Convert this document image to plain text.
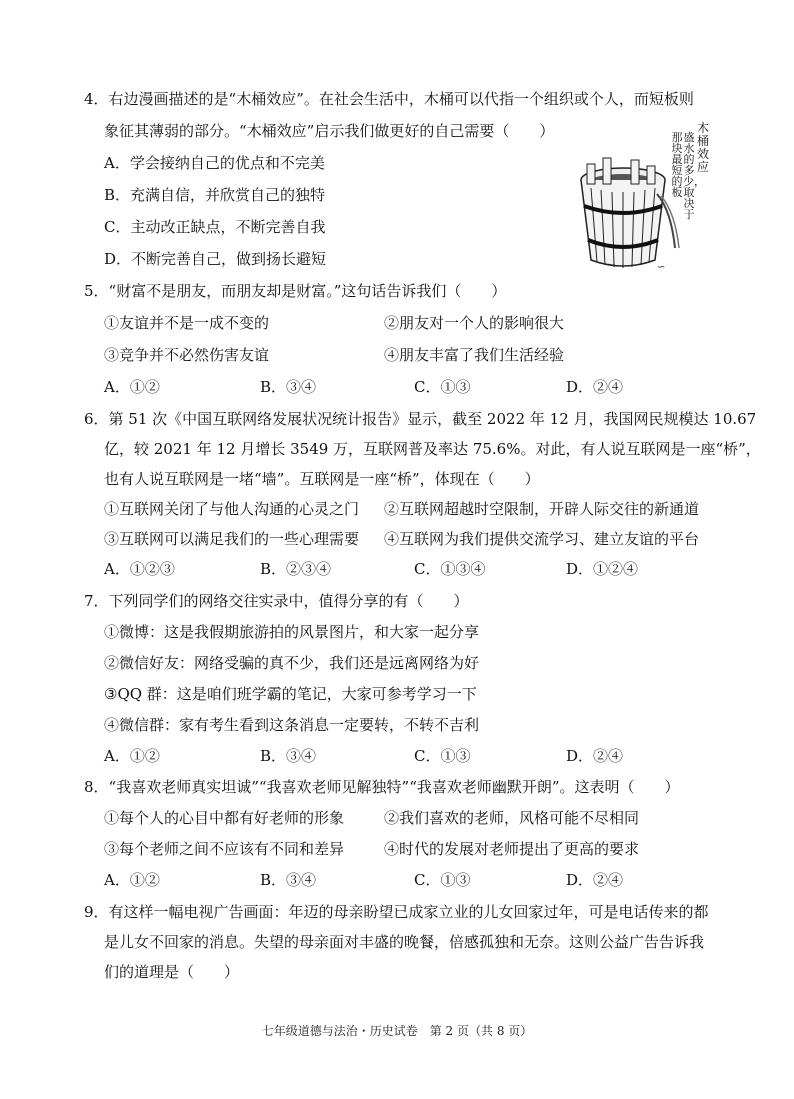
4．右边漫画描述的是“木桶效应”。在社会生活中，木桶可以代指一个组织或个人，而短板则
象征其薄弱的部分。“木桶效应”启示我们做更好的自己需要（　　）
A．学会接纳自己的优点和不完美
B．充满自信，并欣赏自己的独特
C．主动改正缺点，不断完善自我
D．不断完善自己，做到扬长避短
木桶效应
盛水的多少，取决于
那块最短的板
∽
5．“财富不是朋友，而朋友却是财富。”这句话告诉我们（　　）
①友谊并不是一成不变的	②朋友对一个人的影响很大
③竞争并不必然伤害友谊	④朋友丰富了我们生活经验
A．①②	B．③④	C．①③	D．②④
6．第 51 次《中国互联网络发展状况统计报告》显示，截至 2022 年 12 月，我国网民规模达 10.67
亿，较 2021 年 12 月增长 3549 万，互联网普及率达 75.6%。对此，有人说互联网是一座“桥”，
也有人说互联网是一堵“墙”。互联网是一座“桥”，体现在（　　）
①互联网关闭了与他人沟通的心灵之门 ②互联网超越时空限制，开辟人际交往的新通道
③互联网可以满足我们的一些心理需要 ④互联网为我们提供交流学习、建立友谊的平台
A．①②③	B．②③④	C．①③④	D．①②④
7．下列同学们的网络交往实录中，值得分享的有（　　）
①微博：这是我假期旅游拍的风景图片，和大家一起分享
②微信好友：网络受骗的真不少，我们还是远离网络为好
③QQ 群：这是咱们班学霸的笔记，大家可参考学习一下
④微信群：家有考生看到这条消息一定要转，不转不吉利
A．①②	B．③④	C．①③	D．②④
8．“我喜欢老师真实坦诚”“我喜欢老师见解独特”“我喜欢老师幽默开朗”。这表明（　　）
①每个人的心目中都有好老师的形象	②我们喜欢的老师，风格可能不尽相同
③每个老师之间不应该有不同和差异	④时代的发展对老师提出了更高的要求
A．①②	B．③④	C．①③	D．②④
9．有这样一幅电视广告画面：年迈的母亲盼望已成家立业的儿女回家过年，可是电话传来的都
是儿女不回家的消息。失望的母亲面对丰盛的晚餐，倍感孤独和无奈。这则公益广告告诉我
们的道理是（　　）
七年级道德与法治・历史试卷　第 2 页（共 8 页）
